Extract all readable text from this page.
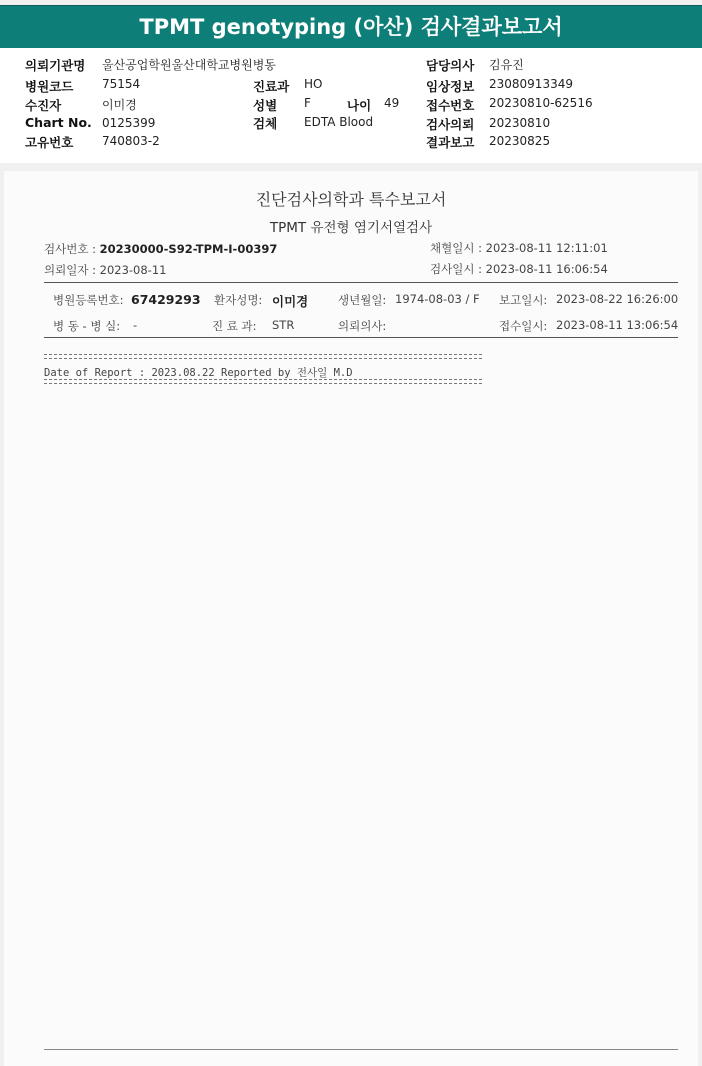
TPMT genotyping (아산) 검사결과보고서
의뢰기관명 울산공업학원울산대학교병원병동
병원코드 75154
수진자	이미경
Chart No. 0125399
고유번호 740803-2
진료과 HO
성별 F	나이 49
검체 EDTA Blood
담당의사 김유진
임상정보 23080913349
접수번호 20230810-62516
검사의뢰 20230810
결과보고 20230825
진단검사의학과 특수보고서
TPMT 유전형 염기서열검사
검사번호 : 20230000-S92-TPM-I-00397
의뢰일자 : 2023-08-11
채혈일시 : 2023-08-11 12:11:01
검사일시 : 2023-08-11 16:06:54
병원등록번호: 67429293 환자성명: 이미경	생년월일: 1974-08-03 / F 보고일시: 2023-08-22 16:26:00
병 동 - 병 실: -	진 료 과: STR	의뢰의사:	접수일시: 2023-08-11 13:06:54
Date of Report : 2023.08.22 Reported by 전사일 M.D
